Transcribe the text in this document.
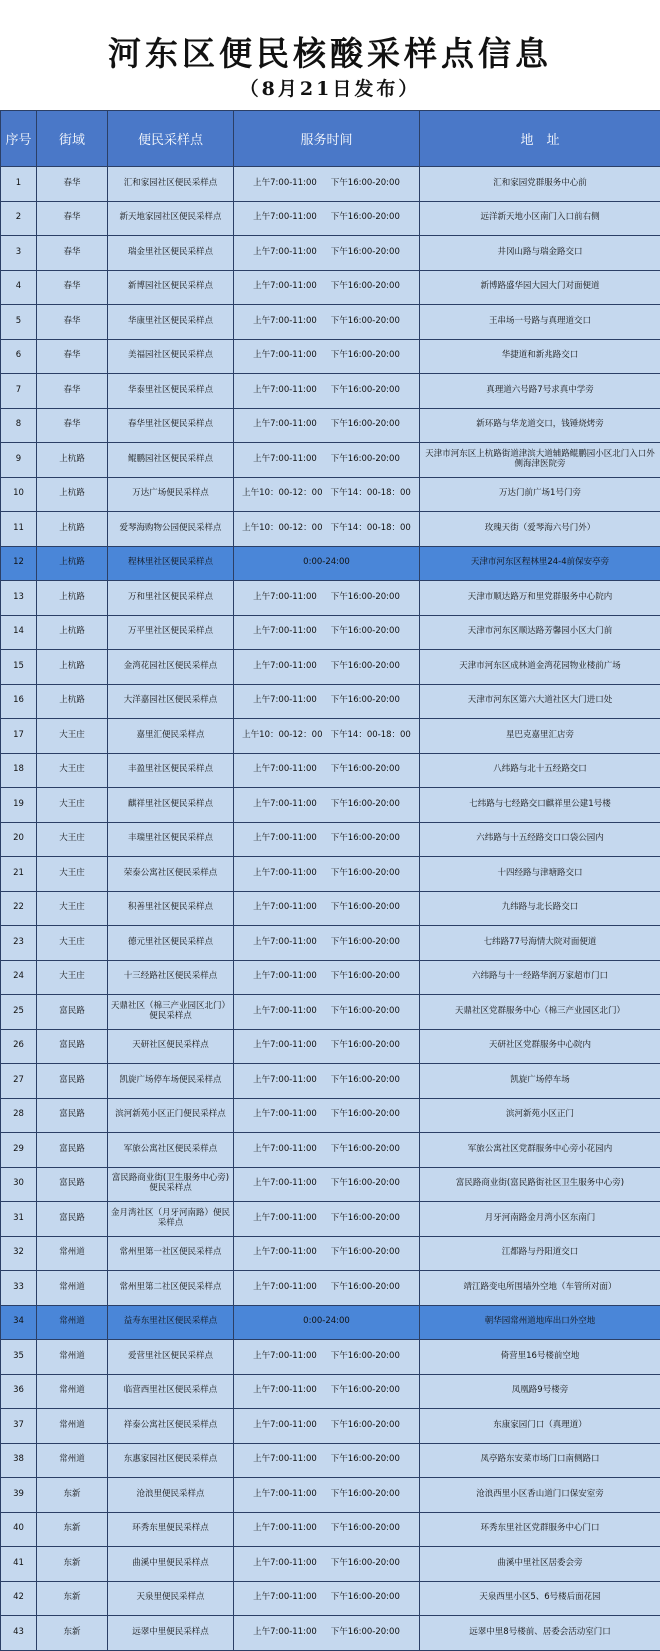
河东区便民核酸采样点信息
（8月21日发布）
序号	街域	便民采样点	服务时间	地　址
1	春华	汇和家园社区便民采样点	上午7:00-11:00 下午16:00-20:00	汇和家园党群服务中心前
2	春华	新天地家园社区便民采样点	上午7:00-11:00 下午16:00-20:00	远洋新天地小区南门入口前右侧
3	春华	瑞金里社区便民采样点	上午7:00-11:00 下午16:00-20:00	井冈山路与瑞金路交口
4	春华	新博园社区便民采样点	上午7:00-11:00 下午16:00-20:00	新博路盛华园大园大门对面便道
5	春华	华康里社区便民采样点	上午7:00-11:00 下午16:00-20:00	王串场一号路与真理道交口
6	春华	美福园社区便民采样点	上午7:00-11:00 下午16:00-20:00	华捷道和新兆路交口
7	春华	华泰里社区便民采样点	上午7:00-11:00 下午16:00-20:00	真理道六号路7号求真中学旁
8	春华	春华里社区便民采样点	上午7:00-11:00 下午16:00-20:00	新环路与华龙道交口，钱锤烧烤旁
9	上杭路	鲲鹏园社区便民采样点	上午7:00-11:00 下午16:00-20:00	天津市河东区上杭路街道津滨大道辅路鲲鹏园小区北门入口外侧海津医院旁
10	上杭路	万达广场便民采样点	上午10：00-12：00 下午14：00-18：00	万达门前广场1号门旁
11	上杭路	爱琴海购物公园便民采样点	上午10：00-12：00 下午14：00-18：00	玫瑰天街（爱琴海六号门外）
12	上杭路	程林里社区便民采样点	0:00-24:00	天津市河东区程林里24-4前保安亭旁
13	上杭路	万和里社区便民采样点	上午7:00-11:00 下午16:00-20:00	天津市顺达路万和里党群服务中心院内
14	上杭路	万平里社区便民采样点	上午7:00-11:00 下午16:00-20:00	天津市河东区顺达路芳馨园小区大门前
15	上杭路	金湾花园社区便民采样点	上午7:00-11:00 下午16:00-20:00	天津市河东区成林道金湾花园物业楼前广场
16	上杭路	大洋嘉园社区便民采样点	上午7:00-11:00 下午16:00-20:00	天津市河东区第六大道社区大门进口处
17	大王庄	嘉里汇便民采样点	上午10：00-12：00 下午14：00-18：00	星巴克嘉里汇店旁
18	大王庄	丰盈里社区便民采样点	上午7:00-11:00 下午16:00-20:00	八纬路与北十五经路交口
19	大王庄	麒祥里社区便民采样点	上午7:00-11:00 下午16:00-20:00	七纬路与七经路交口麒祥里公建1号楼
20	大王庄	丰瑞里社区便民采样点	上午7:00-11:00 下午16:00-20:00	六纬路与十五经路交口口袋公园内
21	大王庄	荣泰公寓社区便民采样点	上午7:00-11:00 下午16:00-20:00	十四经路与津塘路交口
22	大王庄	积善里社区便民采样点	上午7:00-11:00 下午16:00-20:00	九纬路与北长路交口
23	大王庄	德元里社区便民采样点	上午7:00-11:00 下午16:00-20:00	七纬路77号海情大院对面便道
24	大王庄	十三经路社区便民采样点	上午7:00-11:00 下午16:00-20:00	六纬路与十一经路华润万家超市门口
25	富民路	天鼎社区（棉三产业园区北门）便民采样点	上午7:00-11:00 下午16:00-20:00	天鼎社区党群服务中心（棉三产业园区北门）
26	富民路	天研社区便民采样点	上午7:00-11:00 下午16:00-20:00	天研社区党群服务中心院内
27	富民路	凯旋广场停车场便民采样点	上午7:00-11:00 下午16:00-20:00	凯旋广场停车场
28	富民路	滨河新苑小区正门便民采样点	上午7:00-11:00 下午16:00-20:00	滨河新苑小区正门
29	富民路	军旅公寓社区便民采样点	上午7:00-11:00 下午16:00-20:00	军旅公寓社区党群服务中心旁小花园内
30	富民路	富民路商业街(卫生服务中心旁)便民采样点	上午7:00-11:00 下午16:00-20:00	富民路商业街(富民路街社区卫生服务中心旁)
31	富民路	金月湾社区（月牙河南路）便民采样点	上午7:00-11:00 下午16:00-20:00	月牙河南路金月湾小区东南门
32	常州道	常州里第一社区便民采样点	上午7:00-11:00 下午16:00-20:00	江都路与丹阳道交口
33	常州道	常州里第二社区便民采样点	上午7:00-11:00 下午16:00-20:00	靖江路变电所围墙外空地（车管所对面）
34	常州道	益寿东里社区便民采样点	0:00-24:00	朝华园常州道地库出口外空地
35	常州道	爱营里社区便民采样点	上午7:00-11:00 下午16:00-20:00	倚营里16号楼前空地
36	常州道	临营西里社区便民采样点	上午7:00-11:00 下午16:00-20:00	凤凰路9号楼旁
37	常州道	祥泰公寓社区便民采样点	上午7:00-11:00 下午16:00-20:00	东康家园门口（真理道）
38	常州道	东惠家园社区便民采样点	上午7:00-11:00 下午16:00-20:00	凤亭路东安菜市场门口南侧路口
39	东新	沧浪里便民采样点	上午7:00-11:00 下午16:00-20:00	沧浪西里小区香山道门口保安室旁
40	东新	环秀东里便民采样点	上午7:00-11:00 下午16:00-20:00	环秀东里社区党群服务中心门口
41	东新	曲溪中里便民采样点	上午7:00-11:00 下午16:00-20:00	曲溪中里社区居委会旁
42	东新	天泉里便民采样点	上午7:00-11:00 下午16:00-20:00	天泉西里小区5、6号楼后面花园
43	东新	远翠中里便民采样点	上午7:00-11:00 下午16:00-20:00	远翠中里8号楼前、居委会活动室门口
